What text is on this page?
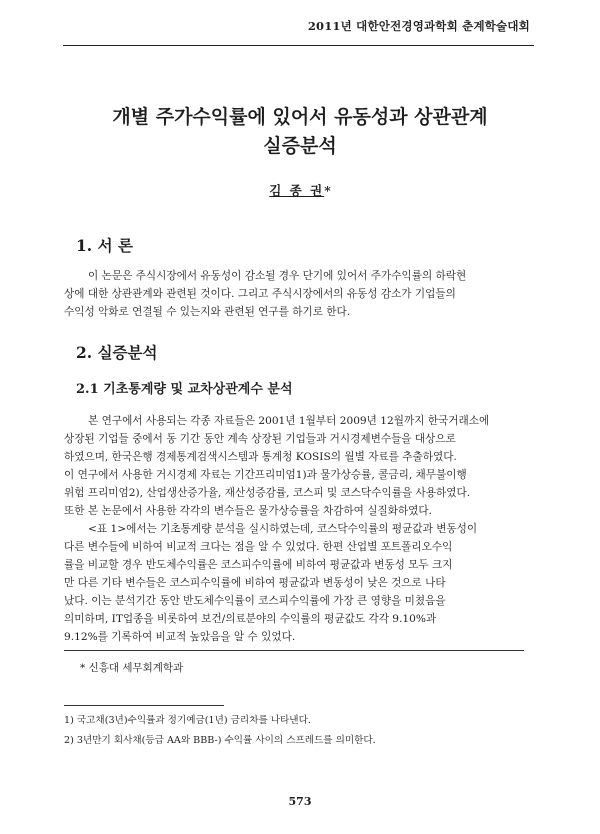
2011년 대한안전경영과학회 춘계학술대회
개별 주가수익률에 있어서 유동성과 상관관계
실증분석
김 종 권*
1. 서 론
이 논문은 주식시장에서 유동성이 감소될 경우 단기에 있어서 주가수익률의 하락현
상에 대한 상관관계와 관련된 것이다. 그리고 주식시장에서의 유동성 감소가 기업들의
수익성 악화로 연결될 수 있는지와 관련된 연구를 하기로 한다.
2. 실증분석
2.1 기초통계량 및 교차상관계수 분석
본 연구에서 사용되는 각종 자료들은 2001년 1월부터 2009년 12월까지 한국거래소에
상장된 기업들 중에서 동 기간 동안 계속 상장된 기업들과 거시경제변수들을 대상으로
하였으며, 한국은행 경제통계검색시스템과 통계청 KOSIS의 월별 자료를 추출하였다.
이 연구에서 사용한 거시경제 자료는 기간프리미엄1)과 물가상승률, 콜금리, 채무불이행
위험 프리미엄2), 산업생산증가율, 재산성증감률, 코스피 및 코스닥수익률을 사용하였다.
또한 본 논문에서 사용한 각각의 변수들은 물가상승률을 차감하여 실질화하였다.
<표 1>에서는 기초통계량 분석을 실시하였는데, 코스닥수익률의 평균값과 변동성이
다른 변수들에 비하여 비교적 크다는 점을 알 수 있었다. 한편 산업별 포트폴리오수익
률을 비교할 경우 반도체수익률은 코스피수익률에 비하여 평균값과 변동성 모두 크지
만 다른 기타 변수들은 코스피수익률에 비하여 평균값과 변동성이 낮은 것으로 나타
났다. 이는 분석기간 동안 반도체수익률이 코스피수익률에 가장 큰 영향을 미쳤음을
의미하며, IT업종을 비롯하여 보건/의료분야의 수익률의 평균값도 각각 9.10%과
9.12%를 기록하여 비교적 높았음을 알 수 있었다.
* 신흥대 세무회계학과
1) 국고채(3년)수익률과 정기예금(1년) 금리차를 나타낸다.
2) 3년만기 회사채(등급 AA와 BBB-) 수익률 사이의 스프레드를 의미한다.
573
